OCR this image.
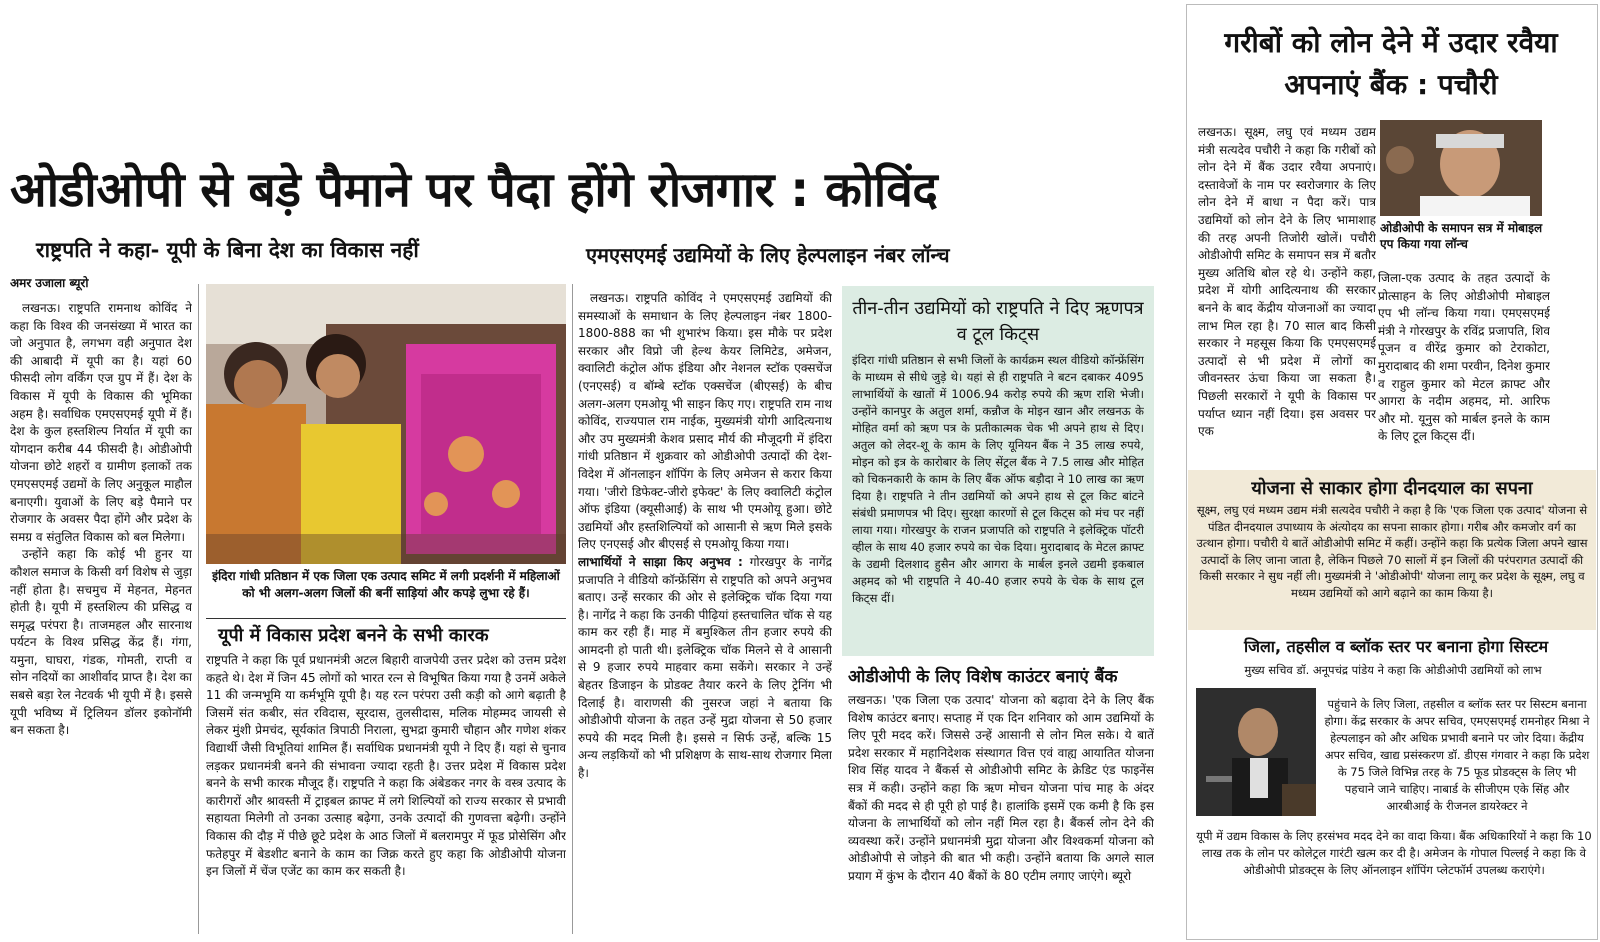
ओडीओपी से बड़े पैमाने पर पैदा होंगे रोजगार : कोविंद
राष्ट्रपति ने कहा- यूपी के बिना देश का विकास नहीं	एमएसएमई उद्यमियों के लिए हेल्पलाइन नंबर लॉन्च
अमर उजाला ब्यूरो

लखनऊ। राष्ट्रपति रामनाथ कोविंद ने कहा कि विश्व की जनसंख्या में भारत का जो अनुपात है, लगभग वही अनुपात देश की आबादी में यूपी का है। यहां 60 फीसदी लोग वर्किंग एज ग्रुप में हैं। देश के विकास में यूपी के विकास की भूमिका अहम है। सर्वाधिक एमएसएमई यूपी में हैं। देश के कुल हस्तशिल्प निर्यात में यूपी का योगदान करीब 44 फीसदी है। ओडीओपी योजना छोटे शहरों व ग्रामीण इलाकों तक एमएसएमई उद्यमों के लिए अनुकूल माहौल बनाएगी। युवाओं के लिए बड़े पैमाने पर रोजगार के अवसर पैदा होंगे और प्रदेश के समग्र व संतुलित विकास को बल मिलेगा।

उन्होंने कहा कि कोई भी हुनर या कौशल समाज के किसी वर्ग विशेष से जुड़ा नहीं होता है। सचमुच में मेहनत, मेहनत होती है। यूपी में हस्तशिल्प की प्रसिद्ध व समृद्ध परंपरा है। ताजमहल और सारनाथ पर्यटन के विश्व प्रसिद्ध केंद्र हैं। गंगा, यमुना, घाघरा, गंडक, गोमती, राप्ती व सोन नदियों का आशीर्वाद प्राप्त है। देश का सबसे बड़ा रेल नेटवर्क भी यूपी में है। इससे यूपी भविष्य में ट्रिलियन डॉलर इकोनॉमी बन सकता है।

इंदिरा गांधी प्रतिष्ठान में एक जिला एक उत्पाद समिट में लगी प्रदर्शनी में महिलाओं को भी अलग-अलग जिलों की बनीं साड़ियां और कपड़े लुभा रहे हैं।
यूपी में विकास प्रदेश बनने के सभी कारक
राष्ट्रपति ने कहा कि पूर्व प्रधानमंत्री अटल बिहारी वाजपेयी उत्तर प्रदेश को उत्तम प्रदेश कहते थे। देश में जिन 45 लोगों को भारत रत्न से विभूषित किया गया है उनमें अकेले 11 की जन्मभूमि या कर्मभूमि यूपी है। यह रत्न परंपरा उसी कड़ी को आगे बढ़ाती है जिसमें संत कबीर, संत रविदास, सूरदास, तुलसीदास, मलिक मोहम्मद जायसी से लेकर मुंशी प्रेमचंद, सूर्यकांत त्रिपाठी निराला, सुभद्रा कुमारी चौहान और गणेश शंकर विद्यार्थी जैसी विभूतियां शामिल हैं। सर्वाधिक प्रधानमंत्री यूपी ने दिए हैं। यहां से चुनाव लड़कर प्रधानमंत्री बनने की संभावना ज्यादा रहती है। उत्तर प्रदेश में विकास प्रदेश बनने के सभी कारक मौजूद हैं। राष्ट्रपति ने कहा कि अंबेडकर नगर के वस्त्र उत्पाद के कारीगरों और श्रावस्ती में ट्राइबल क्राफ्ट में लगे शिल्पियों को राज्य सरकार से प्रभावी सहायता मिलेगी तो उनका उत्साह बढ़ेगा, उनके उत्पादों की गुणवत्ता बढ़ेगी। उन्होंने विकास की दौड़ में पीछे छूटे प्रदेश के आठ जिलों में बलरामपुर में फूड प्रोसेसिंग और फतेहपुर में बेडशीट बनाने के काम का जिक्र करते हुए कहा कि ओडीओपी योजना इन जिलों में चेंज एजेंट का काम कर सकती है।

लखनऊ। राष्ट्रपति कोविंद ने एमएसएमई उद्यमियों की समस्याओं के समाधान के लिए हेल्पलाइन नंबर 1800-1800-888 का भी शुभारंभ किया। इस मौके पर प्रदेश सरकार और विप्रो जी हेल्थ केयर लिमिटेड, अमेजन, क्वालिटी कंट्रोल ऑफ इंडिया और नेशनल स्टॉक एक्सचेंज (एनएसई) व बॉम्बे स्टॉक एक्सचेंज (बीएसई) के बीच अलग-अलग एमओयू भी साइन किए गए। राष्ट्रपति राम नाथ कोविंद, राज्यपाल राम नाईक, मुख्यमंत्री योगी आदित्यनाथ और उप मुख्यमंत्री केशव प्रसाद मौर्य की मौजूदगी में इंदिरा गांधी प्रतिष्ठान में शुक्रवार को ओडीओपी उत्पादों की देश-विदेश में ऑनलाइन शॉपिंग के लिए अमेजन से करार किया गया। 'जीरो डिफेक्ट-जीरो इफेक्ट' के लिए क्वालिटी कंट्रोल ऑफ इंडिया (क्यूसीआई) के साथ भी एमओयू हुआ। छोटे उद्यमियों और हस्तशिल्पियों को आसानी से ऋण मिले इसके लिए एनएसई और बीएसई से एमओयू किया गया।

लाभार्थियों ने साझा किए अनुभव : गोरखपुर के नागेंद्र प्रजापति ने वीडियो कॉन्फ्रेंसिंग से राष्ट्रपति को अपने अनुभव बताए। उन्हें सरकार की ओर से इलेक्ट्रिक चॉक दिया गया है। नागेंद्र ने कहा कि उनकी पीढ़ियां हस्तचालित चॉक से यह काम कर रही हैं। माह में बमुश्किल तीन हजार रुपये की आमदनी हो पाती थी। इलेक्ट्रिक चॉक मिलने से वे आसानी से 9 हजार रुपये माहवार कमा सकेंगे। सरकार ने उन्हें बेहतर डिजाइन के प्रोडक्ट तैयार करने के लिए ट्रेनिंग भी दिलाई है। वाराणसी की नुसरज जहां ने बताया कि ओडीओपी योजना के तहत उन्हें मुद्रा योजना से 50 हजार रुपये की मदद मिली है। इससे न सिर्फ उन्हें, बल्कि 15 अन्य लड़कियों को भी प्रशिक्षण के साथ-साथ रोजगार मिला है।

तीन-तीन उद्यमियों को राष्ट्रपति ने दिए ऋणपत्र व टूल किट्स
इंदिरा गांधी प्रतिष्ठान से सभी जिलों के कार्यक्रम स्थल वीडियो कॉन्फ्रेंसिंग के माध्यम से सीधे जुड़े थे। यहां से ही राष्ट्रपति ने बटन दबाकर 4095 लाभार्थियों के खातों में 1006.94 करोड़ रुपये की ऋण राशि भेजी। उन्होंने कानपुर के अतुल शर्मा, कन्नौज के मोइन खान और लखनऊ के मोहित वर्मा को ऋण पत्र के प्रतीकात्मक चेक भी अपने हाथ से दिए। अतुल को लेदर-शू के काम के लिए यूनियन बैंक ने 35 लाख रुपये, मोइन को इत्र के कारोबार के लिए सेंट्रल बैंक ने 7.5 लाख और मोहित को चिकनकारी के काम के लिए बैंक ऑफ बड़ौदा ने 10 लाख का ऋण दिया है। राष्ट्रपति ने तीन उद्यमियों को अपने हाथ से टूल किट बांटने संबंधी प्रमाणपत्र भी दिए। सुरक्षा कारणों से टूल किट्स को मंच पर नहीं लाया गया। गोरखपुर के राजन प्रजापति को राष्ट्रपति ने इलेक्ट्रिक पॉटरी व्हील के साथ 40 हजार रुपये का चेक दिया। मुरादाबाद के मेटल क्राफ्ट के उद्यमी दिलशाद हुसैन और आगरा के मार्बल इनले उद्यमी इकबाल अहमद को भी राष्ट्रपति ने 40-40 हजार रुपये के चेक के साथ टूल किट्स दीं।
ओडीओपी के लिए विशेष काउंटर बनाएं बैंक
लखनऊ। 'एक जिला एक उत्पाद' योजना को बढ़ावा देने के लिए बैंक विशेष काउंटर बनाए। सप्ताह में एक दिन शनिवार को आम उद्यमियों के लिए पूरी मदद करें। जिससे उन्हें आसानी से लोन मिल सके। ये बातें प्रदेश सरकार में महानिदेशक संस्थागत वित्त एवं वाह्य आयातित योजना शिव सिंह यादव ने बैंकर्स से ओडीओपी समिट के क्रेडिट एंड फाइनेंस सत्र में कही। उन्होंने कहा कि ऋण मोचन योजना पांच माह के अंदर बैंकों की मदद से ही पूरी हो पाई है। हालांकि इसमें एक कमी है कि इस योजना के लाभार्थियों को लोन नहीं मिल रहा है। बैंकर्स लोन देने की व्यवस्था करें। उन्होंने प्रधानमंत्री मुद्रा योजना और विश्वकर्मा योजना को ओडीओपी से जोड़ने की बात भी कही। उन्होंने बताया कि अगले साल प्रयाग में कुंभ के दौरान 40 बैंकों के 80 एटीम लगाए जाएंगे। ब्यूरो
गरीबों को लोन देने में उदार रवैया अपनाएं बैंक : पचौरी
लखनऊ। सूक्ष्म, लघु एवं मध्यम उद्यम मंत्री सत्यदेव पचौरी ने कहा कि गरीबों को लोन देने में बैंक उदार रवैया अपनाएं। दस्तावेजों के नाम पर स्वरोजगार के लिए लोन देने में बाधा न पैदा करें। पात्र उद्यमियों को लोन देने के लिए भामाशाह की तरह अपनी तिजोरी खोलें। पचौरी ओडीओपी समिट के समापन सत्र में बतौर मुख्य अतिथि बोल रहे थे। उन्होंने कहा, प्रदेश में योगी आदित्यनाथ की सरकार बनने के बाद केंद्रीय योजनाओं का ज्यादा लाभ मिल रहा है। 70 साल बाद किसी सरकार ने महसूस किया कि एमएसएमई उत्पादों से भी प्रदेश में लोगों का जीवनस्तर ऊंचा किया जा सकता है। पिछली सरकारों ने यूपी के विकास पर पर्याप्त ध्यान नहीं दिया। इस अवसर पर एक
ओडीओपी के समापन सत्र में मोबाइल एप किया गया लॉन्च
जिला-एक उत्पाद के तहत उत्पादों के प्रोत्साहन के लिए ओडीओपी मोबाइल एप भी लॉन्च किया गया। एमएसएमई मंत्री ने गोरखपुर के रविंद्र प्रजापति, शिव पूजन व वीरेंद्र कुमार को टेराकोटा, मुरादाबाद की शमा परवीन, दिनेश कुमार व राहुल कुमार को मेटल क्राफ्ट और आगरा के नदीम अहमद, मो. आरिफ और मो. यूनुस को मार्बल इनले के काम के लिए टूल किट्स दीं।
योजना से साकार होगा दीनदयाल का सपना
सूक्ष्म, लघु एवं मध्यम उद्यम मंत्री सत्यदेव पचौरी ने कहा है कि 'एक जिला एक उत्पाद' योजना से पंडित दीनदयाल उपाध्याय के अंत्योदय का सपना साकार होगा। गरीब और कमजोर वर्ग का उत्थान होगा। पचौरी ये बातें ओडीओपी समिट में कहीं। उन्होंने कहा कि प्रत्येक जिला अपने खास उत्पादों के लिए जाना जाता है, लेकिन पिछले 70 सालों में इन जिलों की परंपरागत उत्पादों की किसी सरकार ने सुध नहीं ली। मुख्यमंत्री ने 'ओडीओपी' योजना लागू कर प्रदेश के सूक्ष्म, लघु व मध्यम उद्यमियों को आगे बढ़ाने का काम किया है।
जिला, तहसील व ब्लॉक स्तर पर बनाना होगा सिस्टम
मुख्य सचिव डॉ. अनूपचंद्र पांडेय ने कहा कि ओडीओपी उद्यमियों को लाभ
पहुंचाने के लिए जिला, तहसील व ब्लॉक स्तर पर सिस्टम बनाना होगा। केंद्र सरकार के अपर सचिव, एमएसएमई रामनोहर मिश्रा ने हेल्पलाइन को और अधिक प्रभावी बनाने पर जोर दिया। केंद्रीय अपर सचिव, खाद्य प्रसंस्करण डॉ. डीएस गंगवार ने कहा कि प्रदेश के 75 जिले विभिन्न तरह के 75 फूड प्रोडक्ट्स के लिए भी पहचाने जाने चाहिए। नाबार्ड के सीजीएम एके सिंह और आरबीआई के रीजनल डायरेक्टर ने
यूपी में उद्यम विकास के लिए हरसंभव मदद देने का वादा किया। बैंक अधिकारियों ने कहा कि 10 लाख तक के लोन पर कोलेट्रल गारंटी खत्म कर दी है। अमेजन के गोपाल पिल्लई ने कहा कि वे ओडीओपी प्रोडक्ट्स के लिए ऑनलाइन शॉपिंग प्लेटफॉर्म उपलब्ध कराएंगे।
